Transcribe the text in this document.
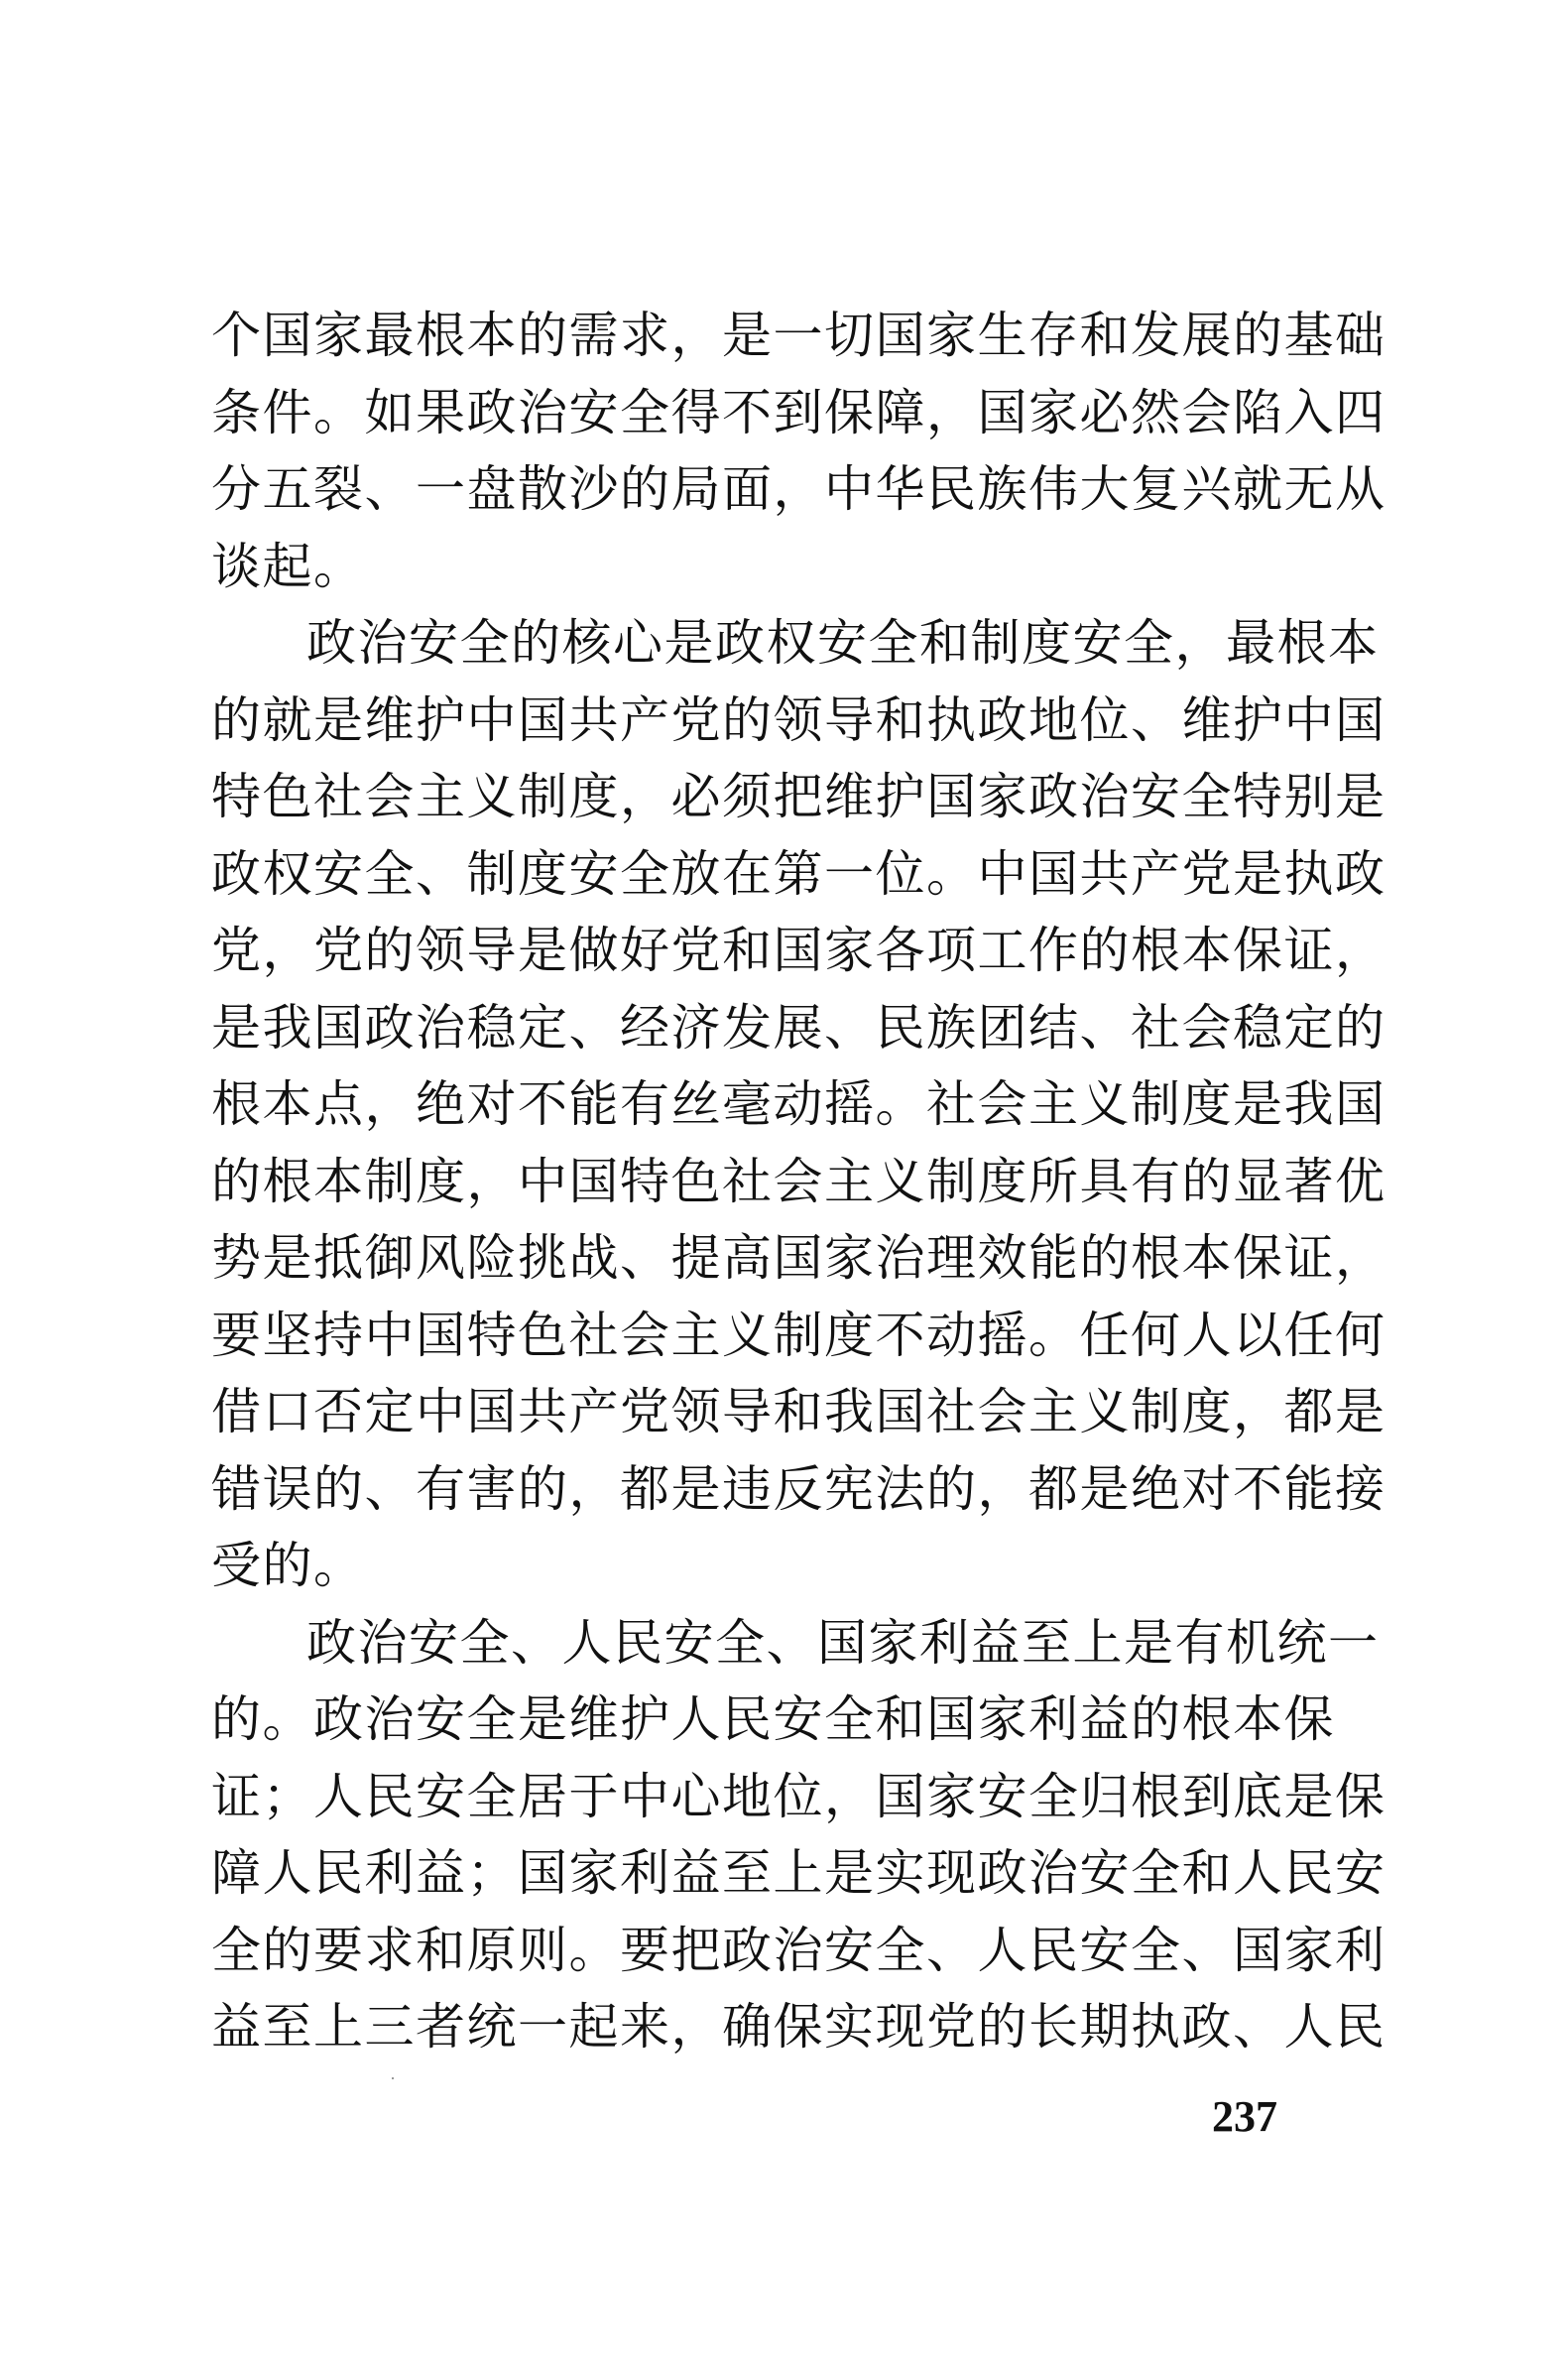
个国家最根本的需求，是一切国家生存和发展的基础
条件。如果政治安全得不到保障，国家必然会陷入四
分五裂、一盘散沙的局面，中华民族伟大复兴就无从
谈起。
政治安全的核心是政权安全和制度安全，最根本
的就是维护中国共产党的领导和执政地位、维护中国
特色社会主义制度，必须把维护国家政治安全特别是
政权安全、制度安全放在第一位。中国共产党是执政
党，党的领导是做好党和国家各项工作的根本保证，
是我国政治稳定、经济发展、民族团结、社会稳定的
根本点，绝对不能有丝毫动摇。社会主义制度是我国
的根本制度，中国特色社会主义制度所具有的显著优
势是抵御风险挑战、提高国家治理效能的根本保证，
要坚持中国特色社会主义制度不动摇。任何人以任何
借口否定中国共产党领导和我国社会主义制度，都是
错误的、有害的，都是违反宪法的，都是绝对不能接
受的。
政治安全、人民安全、国家利益至上是有机统一
的。政治安全是维护人民安全和国家利益的根本保
证；人民安全居于中心地位，国家安全归根到底是保
障人民利益；国家利益至上是实现政治安全和人民安
全的要求和原则。要把政治安全、人民安全、国家利
益至上三者统一起来，确保实现党的长期执政、人民
237
